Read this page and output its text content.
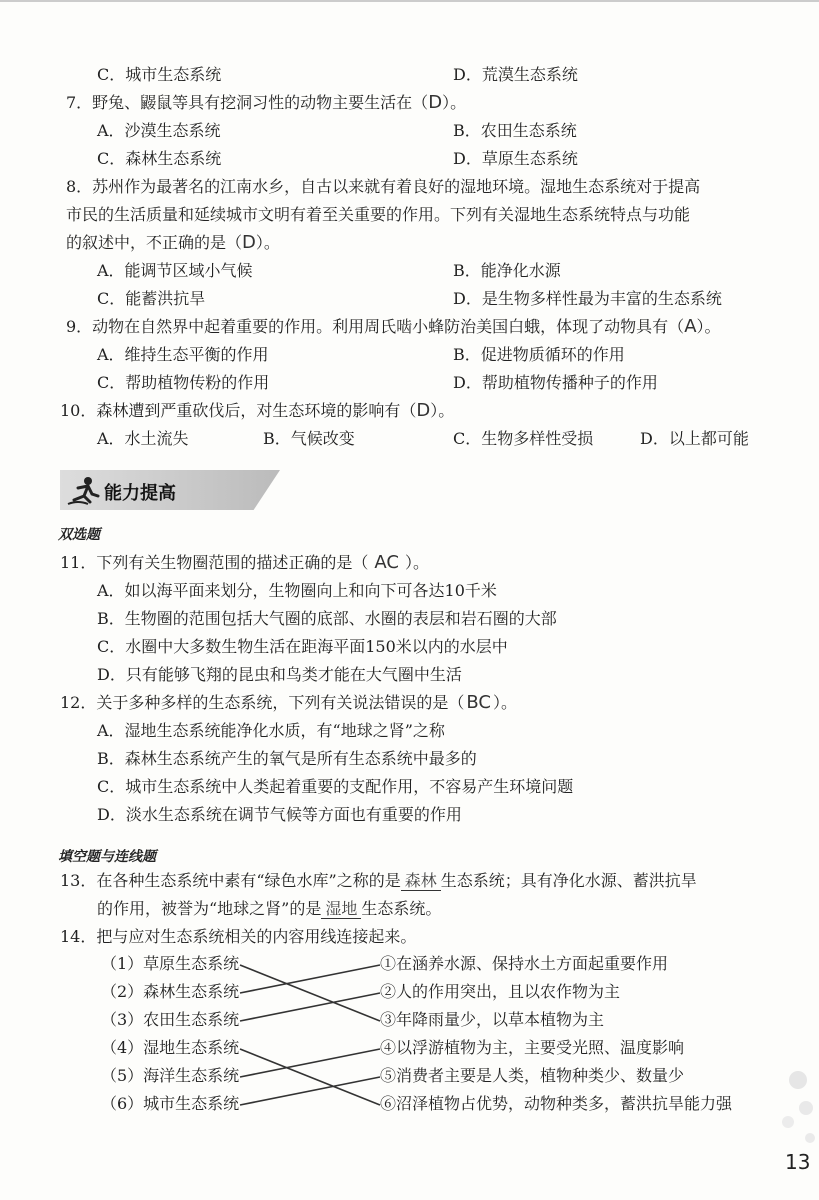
C．城市生态系统	D．荒漠生态系统
7．野兔、鼹鼠等具有挖洞习性的动物主要生活在（D）。
A．沙漠生态系统	B．农田生态系统
C．森林生态系统	D．草原生态系统
8．苏州作为最著名的江南水乡，自古以来就有着良好的湿地环境。湿地生态系统对于提高
市民的生活质量和延续城市文明有着至关重要的作用。下列有关湿地生态系统特点与功能
的叙述中，不正确的是（D）。
A．能调节区域小气候	B．能净化水源
C．能蓄洪抗旱	D．是生物多样性最为丰富的生态系统
9．动物在自然界中起着重要的作用。利用周氏啮小蜂防治美国白蛾，体现了动物具有（A）。
A．维持生态平衡的作用	B．促进物质循环的作用
C．帮助植物传粉的作用	D．帮助植物传播种子的作用
10．森林遭到严重砍伐后，对生态环境的影响有（D）。
A．水土流失	B．气候改变	C．生物多样性受损	D．以上都可能
能力提高
双选题
11．下列有关生物圈范围的描述正确的是（ AC ）。
A．如以海平面来划分，生物圈向上和向下可各达10千米
B．生物圈的范围包括大气圈的底部、水圈的表层和岩石圈的大部
C．水圈中大多数生物生活在距海平面150米以内的水层中
D．只有能够飞翔的昆虫和鸟类才能在大气圈中生活
12．关于多种多样的生态系统，下列有关说法错误的是（ BC ）。
A．湿地生态系统能净化水质，有“地球之肾”之称
B．森林生态系统产生的氧气是所有生态系统中最多的
C．城市生态系统中人类起着重要的支配作用，不容易产生环境问题
D．淡水生态系统在调节气候等方面也有重要的作用
填空题与连线题
13．在各种生态系统中素有“绿色水库”之称的是 森林 生态系统；具有净化水源、蓄洪抗旱
的作用，被誉为“地球之肾”的是 湿地 生态系统。
14．把与应对生态系统相关的内容用线连接起来。
（1）草原生态系统
（2）森林生态系统
（3）农田生态系统
（4）湿地生态系统
（5）海洋生态系统
（6）城市生态系统
①在涵养水源、保持水土方面起重要作用
②人的作用突出，且以农作物为主
③年降雨量少，以草本植物为主
④以浮游植物为主，主要受光照、温度影响
⑤消费者主要是人类，植物种类少、数量少
⑥沼泽植物占优势，动物种类多，蓄洪抗旱能力强
13
